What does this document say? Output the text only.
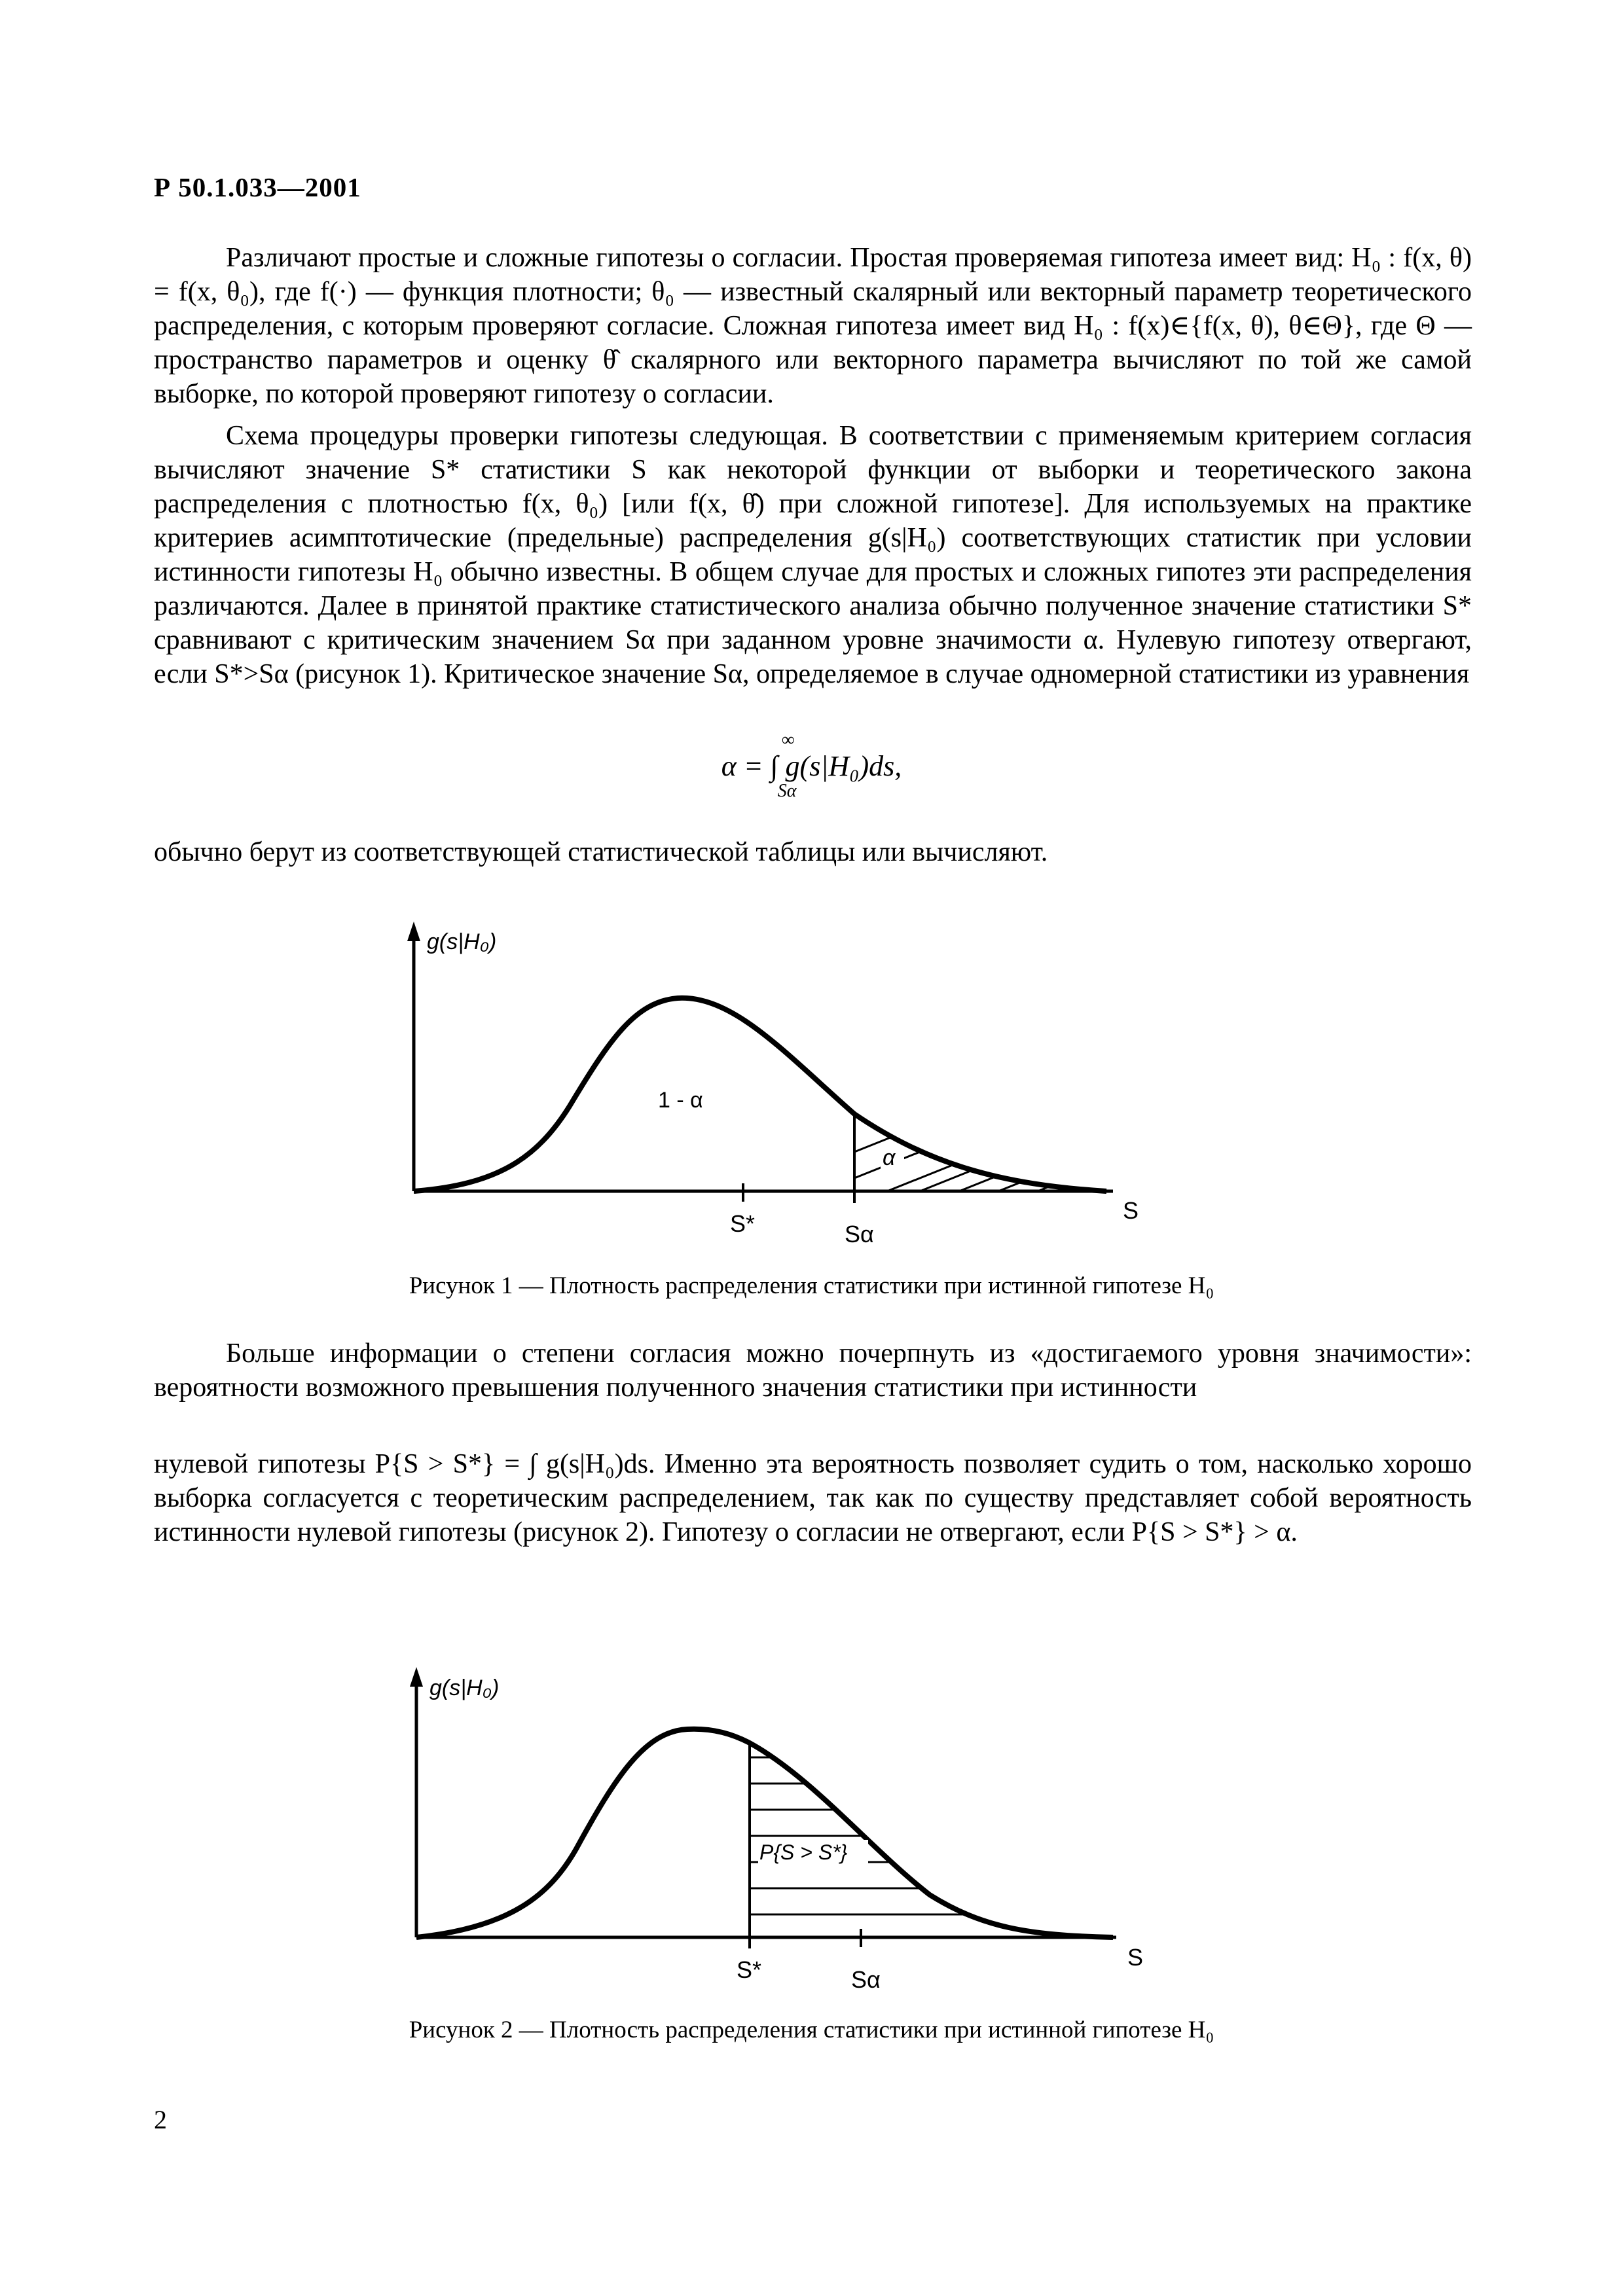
Р 50.1.033—2001
Различают простые и сложные гипотезы о согласии. Простая проверяемая гипотеза имеет вид: H₀ : f(x, θ) = f(x, θ₀), где f(·) — функция плотности; θ₀ — известный скалярный или векторный параметр теоретического распределения, с которым проверяют согласие. Сложная гипотеза имеет вид H₀ : f(x)∈{f(x, θ), θ∈Θ}, где Θ — пространство параметров и оценку θ̂ скалярного или векторного параметра вычисляют по той же самой выборке, по которой проверяют гипотезу о согласии.
Схема процедуры проверки гипотезы следующая. В соответствии с применяемым критерием согласия вычисляют значение S* статистики S как некоторой функции от выборки и теоретического закона распределения с плотностью f(x, θ₀) [или f(x, θ̂) при сложной гипотезе]. Для используемых на практике критериев асимптотические (предельные) распределения g(s|H₀) соответствующих статистик при условии истинности гипотезы H₀ обычно известны. В общем случае для простых и сложных гипотез эти распределения различаются. Далее в принятой практике статистического анализа обычно полученное значение статистики S* сравнивают с критическим значением Sα при заданном уровне значимости α. Нулевую гипотезу отвергают, если S*>Sα (рисунок 1). Критическое значение Sα, определяемое в случае одномерной статистики из уравнения
α = ∫ g(s|H₀)ds,
∞
Sα
обычно берут из соответствующей статистической таблицы или вычисляют.
g(s|H₀)
1 - α
α
S
S*	Sα
Рисунок 1 — Плотность распределения статистики при истинной гипотезе H₀
Больше информации о степени согласия можно почерпнуть из «достигаемого уровня значимости»: вероятности возможного превышения полученного значения статистики при истинности
нулевой гипотезы P{S > S*} = ∫ g(s|H₀)ds. Именно эта вероятность позволяет судить о том, насколько хорошо выборка согласуется с теоретическим распределением, так как по существу представляет собой вероятность истинности нулевой гипотезы (рисунок 2). Гипотезу о согласии не отвергают, если P{S > S*} > α.
g(s|H₀)
P{S > S*}
S
S*	Sα
Рисунок 2 — Плотность распределения статистики при истинной гипотезе H₀
2
